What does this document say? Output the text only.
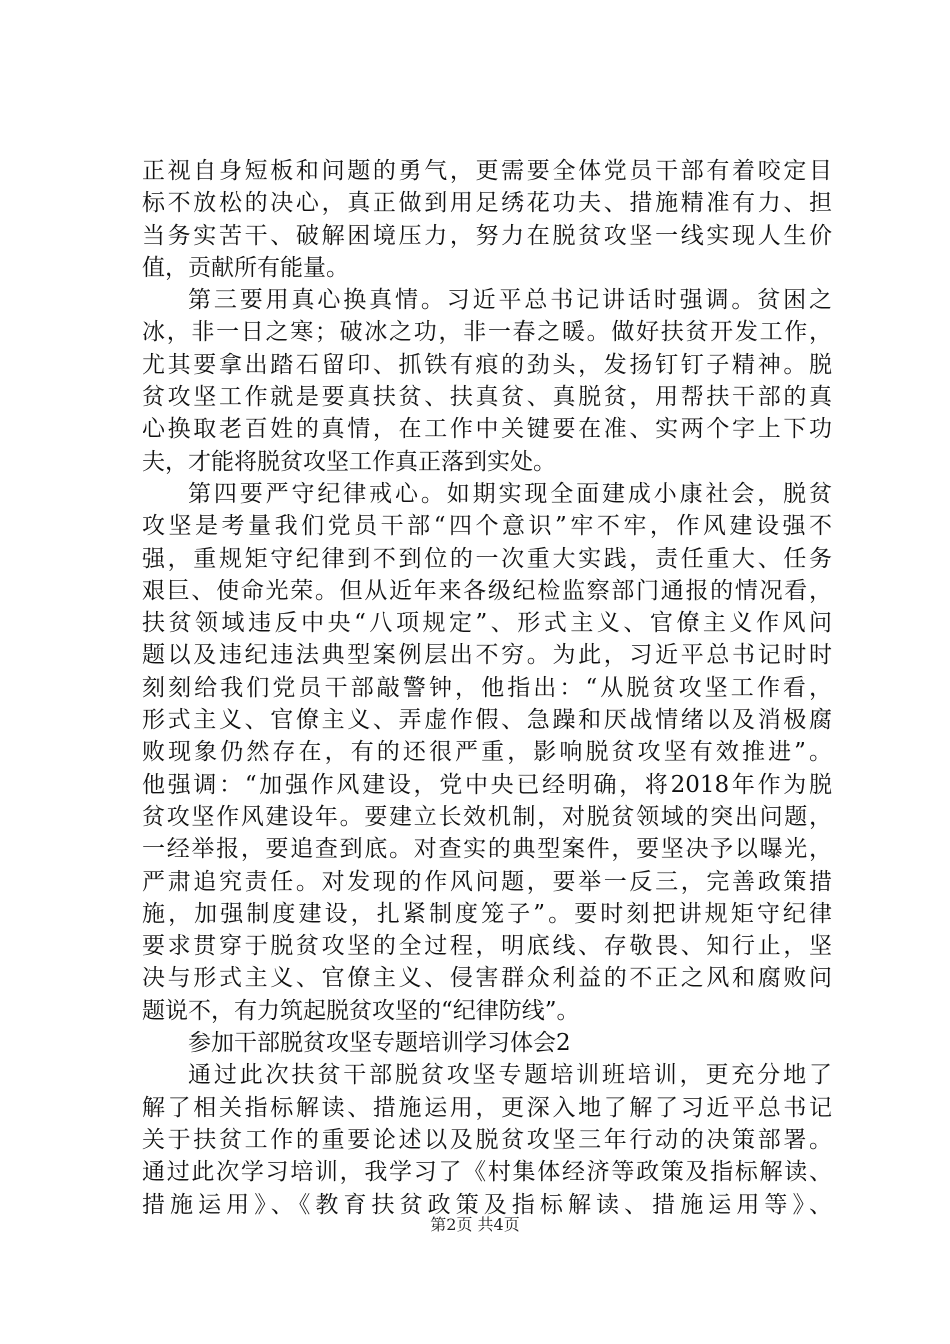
正视自身短板和问题的勇气，更需要全体党员干部有着咬定目
标不放松的决心，真正做到用足绣花功夫、措施精准有力、担
当务实苦干、破解困境压力，努力在脱贫攻坚一线实现人生价
值，贡献所有能量。
第三要用真心换真情。习近平总书记讲话时强调。贫困之
冰，非一日之寒；破冰之功，非一春之暖。做好扶贫开发工作，
尤其要拿出踏石留印、抓铁有痕的劲头，发扬钉钉子精神。脱
贫攻坚工作就是要真扶贫、扶真贫、真脱贫，用帮扶干部的真
心换取老百姓的真情，在工作中关键要在准、实两个字上下功
夫，才能将脱贫攻坚工作真正落到实处。
第四要严守纪律戒心。如期实现全面建成小康社会，脱贫
攻坚是考量我们党员干部“四个意识”牢不牢，作风建设强不
强，重规矩守纪律到不到位的一次重大实践，责任重大、任务
艰巨、使命光荣。但从近年来各级纪检监察部门通报的情况看，
扶贫领域违反中央“八项规定”、形式主义、官僚主义作风问
题以及违纪违法典型案例层出不穷。为此，习近平总书记时时
刻刻给我们党员干部敲警钟，他指出：“从脱贫攻坚工作看，
形式主义、官僚主义、弄虚作假、急躁和厌战情绪以及消极腐
败现象仍然存在，有的还很严重，影响脱贫攻坚有效推进”。
他强调：“加强作风建设，党中央已经明确，将2018年作为脱
贫攻坚作风建设年。要建立长效机制，对脱贫领域的突出问题，
一经举报，要追查到底。对查实的典型案件，要坚决予以曝光，
严肃追究责任。对发现的作风问题，要举一反三，完善政策措
施，加强制度建设，扎紧制度笼子”。要时刻把讲规矩守纪律
要求贯穿于脱贫攻坚的全过程，明底线、存敬畏、知行止，坚
决与形式主义、官僚主义、侵害群众利益的不正之风和腐败问
题说不，有力筑起脱贫攻坚的“纪律防线”。
参加干部脱贫攻坚专题培训学习体会2
通过此次扶贫干部脱贫攻坚专题培训班培训，更充分地了
解了相关指标解读、措施运用，更深入地了解了习近平总书记
关于扶贫工作的重要论述以及脱贫攻坚三年行动的决策部署。
通过此次学习培训，我学习了《村集体经济等政策及指标解读、
措施运用》、《教育扶贫政策及指标解读、措施运用等》、
第2页 共4页
